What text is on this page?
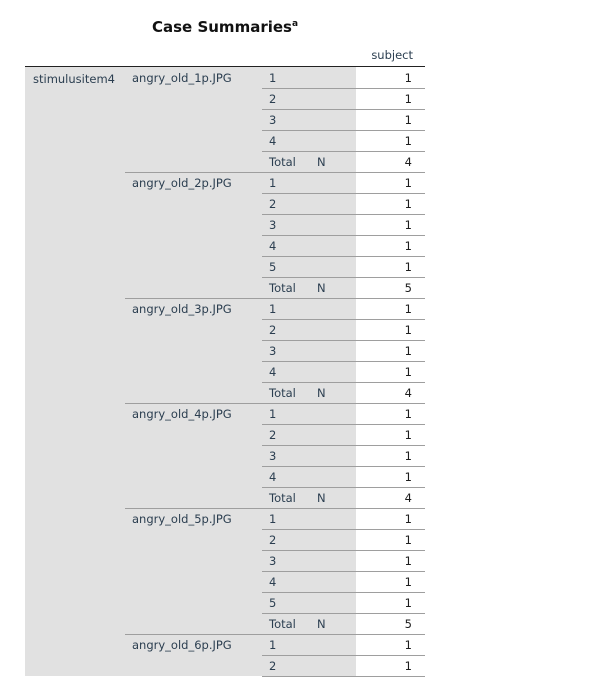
Case Summaries$^a$
subject
stimulusitem4 angry_old_1p.JPG	1	1
2	1
3	1
4	1
Total N	4
angry_old_2p.JPG	1	1
2	1
3	1
4	1
5	1
Total N	5
angry_old_3p.JPG	1	1
2	1
3	1
4	1
Total N	4
angry_old_4p.JPG	1	1
2	1
3	1
4	1
Total N	4
angry_old_5p.JPG	1	1
2	1
3	1
4	1
5	1
Total N	5
angry_old_6p.JPG	1	1
2	1
